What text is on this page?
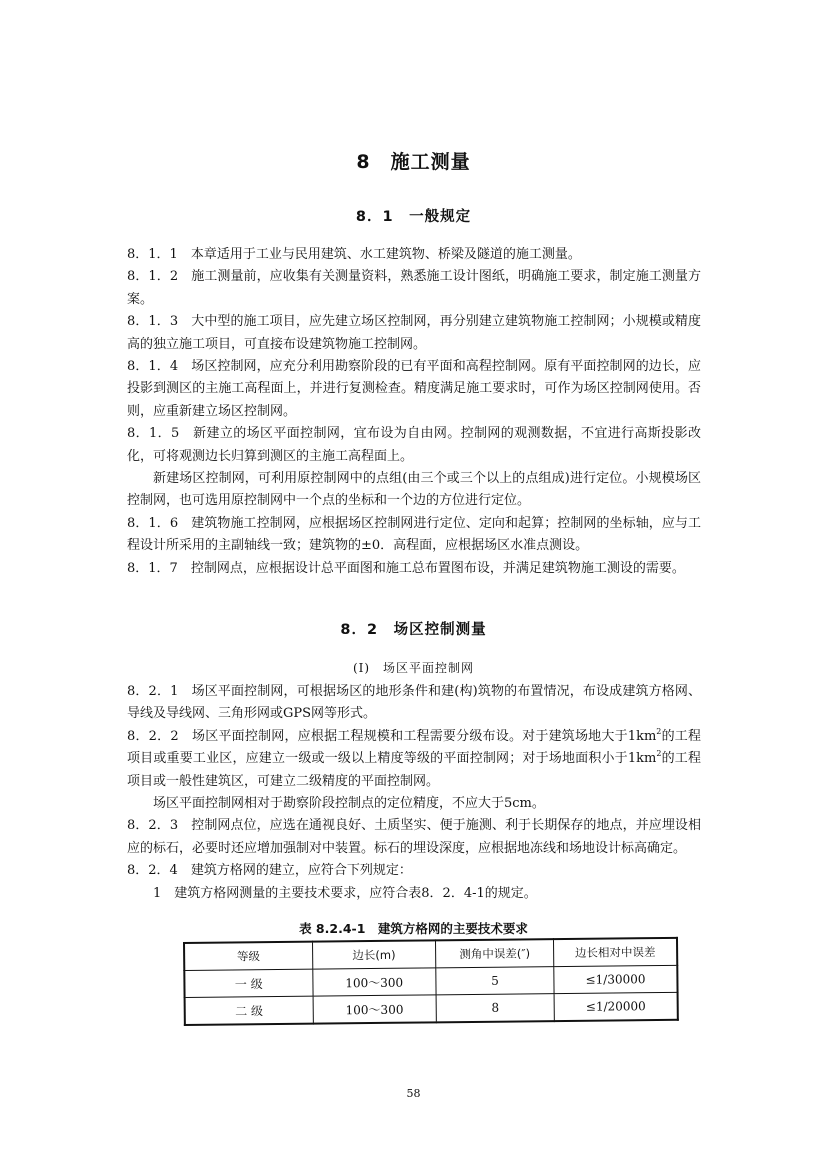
8　施工测量
8．1　一般规定

8．1．1　本章适用于工业与民用建筑、水工建筑物、桥梁及隧道的施工测量。

8．1．2　施工测量前，应收集有关测量资料，熟悉施工设计图纸，明确施工要求，制定施工测量方案。

8．1．3　大中型的施工项目，应先建立场区控制网，再分别建立建筑物施工控制网；小规模或精度高的独立施工项目，可直接布设建筑物施工控制网。

8．1．4　场区控制网，应充分利用勘察阶段的已有平面和高程控制网。原有平面控制网的边长，应投影到测区的主施工高程面上，并进行复测检查。精度满足施工要求时，可作为场区控制网使用。否则，应重新建立场区控制网。

8．1．5　新建立的场区平面控制网，宜布设为自由网。控制网的观测数据，不宜进行高斯投影改化，可将观测边长归算到测区的主施工高程面上。

新建场区控制网，可利用原控制网中的点组(由三个或三个以上的点组成)进行定位。小规模场区控制网，也可选用原控制网中一个点的坐标和一个边的方位进行定位。

8．1．6　建筑物施工控制网，应根据场区控制网进行定位、定向和起算；控制网的坐标轴，应与工程设计所采用的主副轴线一致；建筑物的±0．高程面，应根据场区水准点测设。

8．1．7　控制网点，应根据设计总平面图和施工总布置图布设，并满足建筑物施工测设的需要。

8．2　场区控制测量
(Ⅰ)　场区平面控制网

8．2．1　场区平面控制网，可根据场区的地形条件和建(构)筑物的布置情况，布设成建筑方格网、导线及导线网、三角形网或GPS网等形式。

8．2．2　场区平面控制网，应根据工程规模和工程需要分级布设。对于建筑场地大于$1km^2$的工程项目或重要工业区，应建立一级或一级以上精度等级的平面控制网；对于场地面积小于$1km^2$的工程项目或一般性建筑区，可建立二级精度的平面控制网。

场区平面控制网相对于勘察阶段控制点的定位精度，不应大于5cm。

8．2．3　控制网点位，应选在通视良好、土质坚实、便于施测、利于长期保存的地点，并应埋设相应的标石，必要时还应增加强制对中装置。标石的埋设深度，应根据地冻线和场地设计标高确定。

8．2．4　建筑方格网的建立，应符合下列规定：

1　建筑方格网测量的主要技术要求，应符合表8．2．4-1的规定。

表 8.2.4-1　建筑方格网的主要技术要求
等级	边长(m)	测角中误差(″)	边长相对中误差
一 级	100～300	5	≤1/30000
二 级	100～300	8	≤1/20000
58
